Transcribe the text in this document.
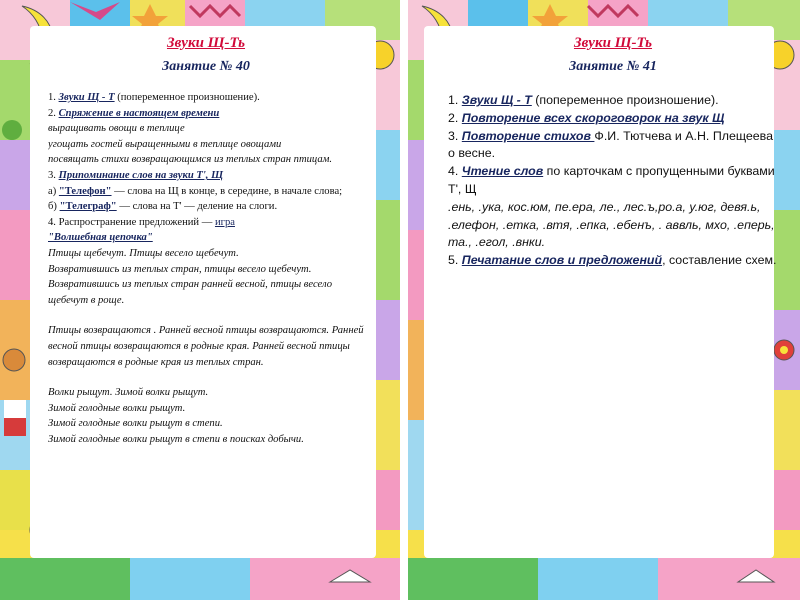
Звуки Щ-Ть

Занятие № 40

1. Звуки Щ - Т (попеременное произношение).

2. Спряжение в настоящем времени

выращивать овощи в теплице

угощать гостей выращенными в теплице овощами

посвящать стихи возвращающимся из теплых стран птицам.

3. Припоминание слов на звуки Т', Щ

а) "Телефон" — слова на Щ в конце, в середине, в начале слова;

б) "Телеграф" — слова на Т' — деление на слоги.

4. Распространение предложений — игра

"Волшебная цепочка"

Птицы щебечут. Птицы весело щебечут.

Возвратившись из теплых стран, птицы весело щебечут. Возвратившись из теплых стран ранней весной, птицы весело щебечут в роще.

Птицы возвращаются . Ранней весной птицы возвращаются. Ранней весной птицы возвращаются в родные края. Ранней весной птицы возвращаются в родные края из теплых стран.

Волки рыщут. Зимой волки рыщут.

Зимой голодные волки рыщут.

Зимой голодные волки рыщут в степи.

Зимой голодные волки рыщут в степи в поисках добычи.

Звуки Щ-Ть

Занятие № 41

1. Звуки Щ - Т (попеременное произношение).

2. Повторение всех скороговорок на звук Щ

3. Повторение стихов Ф.И. Тютчева и А.Н. Плещеева о весне.

4. Чтение слов по карточкам с пропущенными буквами Т', Щ

.ень, .ука, кос.юм, пе.ера, ле., лес.ъ,ро.а, у.юг, девя.ь, .елефон, .етка, .втя, .епка, .ебенъ, . аввль, мхо, .еперь, та., .егол, .внки.

5. Печатание слов и предложений, составление схем.
